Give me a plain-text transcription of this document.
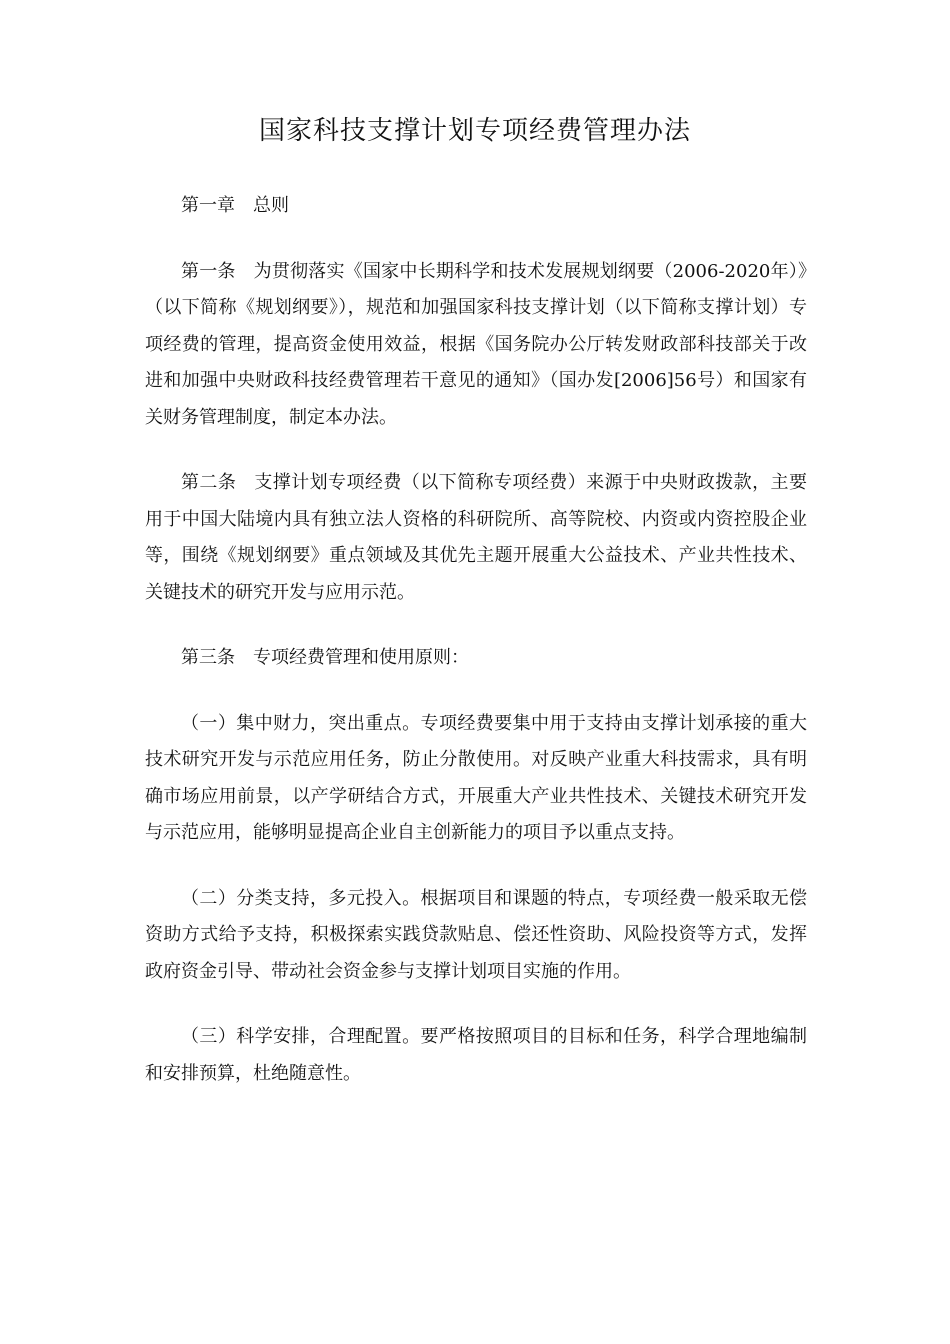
国家科技支撑计划专项经费管理办法

第一章 总则

第一条 为贯彻落实《国家中长期科学和技术发展规划纲要（2006-2020年）》（以下简称《规划纲要》），规范和加强国家科技支撑计划（以下简称支撑计划）专项经费的管理，提高资金使用效益，根据《国务院办公厅转发财政部科技部关于改进和加强中央财政科技经费管理若干意见的通知》（国办发[2006]56号）和国家有关财务管理制度，制定本办法。

第二条 支撑计划专项经费（以下简称专项经费）来源于中央财政拨款，主要用于中国大陆境内具有独立法人资格的科研院所、高等院校、内资或内资控股企业等，围绕《规划纲要》重点领域及其优先主题开展重大公益技术、产业共性技术、关键技术的研究开发与应用示范。

第三条 专项经费管理和使用原则：

（一）集中财力，突出重点。专项经费要集中用于支持由支撑计划承接的重大技术研究开发与示范应用任务，防止分散使用。对反映产业重大科技需求，具有明确市场应用前景，以产学研结合方式，开展重大产业共性技术、关键技术研究开发与示范应用，能够明显提高企业自主创新能力的项目予以重点支持。

（二）分类支持，多元投入。根据项目和课题的特点，专项经费一般采取无偿资助方式给予支持，积极探索实践贷款贴息、偿还性资助、风险投资等方式，发挥政府资金引导、带动社会资金参与支撑计划项目实施的作用。

（三）科学安排，合理配置。要严格按照项目的目标和任务，科学合理地编制和安排预算，杜绝随意性。
